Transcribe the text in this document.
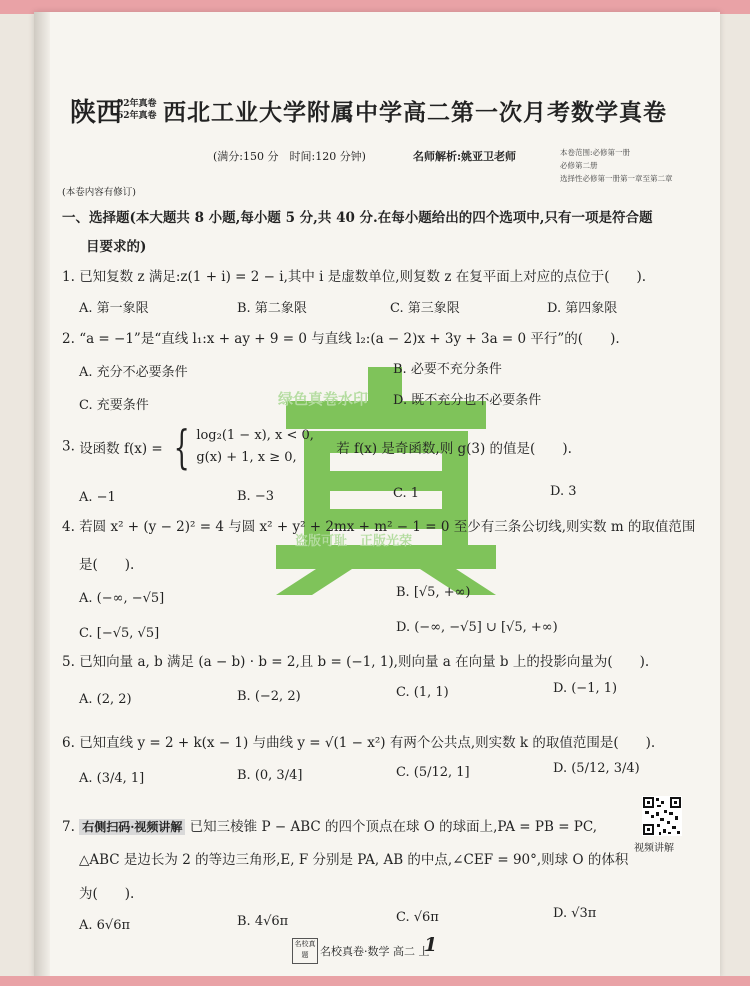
陕西
02年真卷
62年真卷 西北工业大学附属中学高二第一次月考数学真卷
(满分:150 分　时间:120 分钟)	名师解析:姚亚卫老师	本卷范围:必修第一册
必修第二册
选择性必修第一册第一章至第二章
(本卷内容有修订)
一、选择题(本大题共 8 小题,每小题 5 分,共 40 分.在每小题给出的四个选项中,只有一项是符合题
目要求的)
绿色真卷水印
盗版可耻　正版光荣
1. 已知复数 z 满足:z(1 + i) = 2 − i,其中 i 是虚数单位,则复数 z 在复平面上对应的点位于(　　).
A. 第一象限	B. 第二象限	C. 第三象限	D. 第四象限
2. “a = −1”是“直线 l₁:x + ay + 9 = 0 与直线 l₂:(a − 2)x + 3y + 3a = 0 平行”的(　　).
A. 充分不必要条件	B. 必要不充分条件
C. 充要条件	D. 既不充分也不必要条件
3. 设函数 f(x) = { log₂(1 − x), x < 0,
g(x) + 1, x ≥ 0,
若 f(x) 是奇函数,则 g(3) 的值是(　　).
A. −1	B. −3	C. 1	D. 3
4. 若圆 x² + (y − 2)² = 4 与圆 x² + y² + 2mx + m² − 1 = 0 至少有三条公切线,则实数 m 的取值范围
是(　　).
A. (−∞, −√5]	B. [√5, +∞)
C. [−√5, √5]	D. (−∞, −√5] ∪ [√5, +∞)
5. 已知向量 a, b 满足 (a − b) · b = 2,且 b = (−1, 1),则向量 a 在向量 b 上的投影向量为(　　).
A. (2, 2)	B. (−2, 2)	C. (1, 1)	D. (−1, 1)
6. 已知直线 y = 2 + k(x − 1) 与曲线 y = √(1 − x²) 有两个公共点,则实数 k 的取值范围是(　　).
A. (3/4, 1]	B. (0, 3/4]	C. (5/12, 1]	D. (5/12, 3/4)
7. 右侧扫码·视频讲解 已知三棱锥 P − ABC 的四个顶点在球 O 的球面上,PA = PB = PC,
△ABC 是边长为 2 的等边三角形,E, F 分别是 PA, AB 的中点,∠CEF = 90°,则球 O 的体积
为(　　).
A. 6√6π	B. 4√6π	C. √6π	D. √3π
视频讲解
名校真题	名校真卷·数学 高二 上
1
